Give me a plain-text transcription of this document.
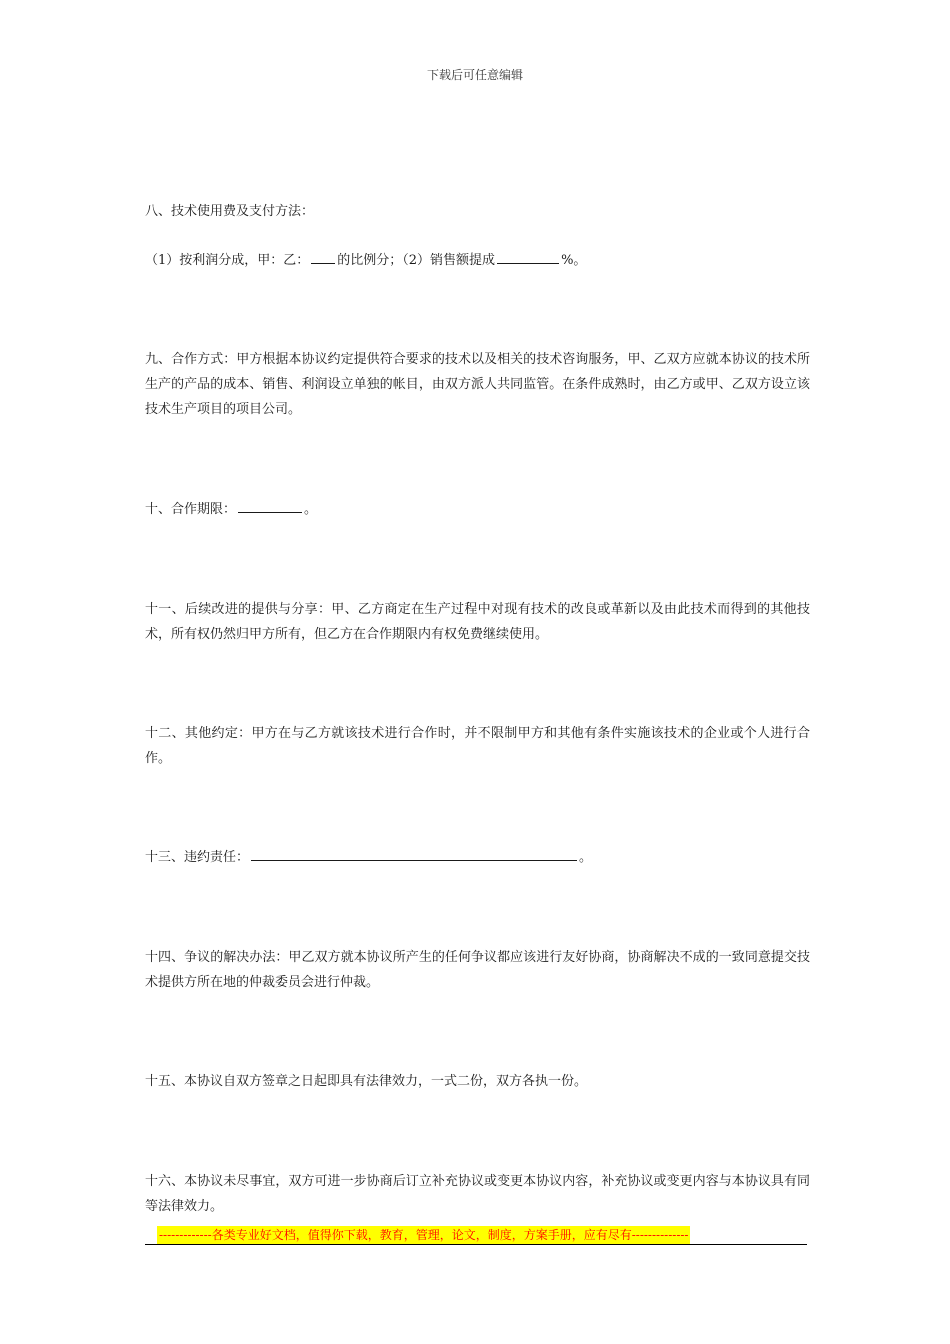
下载后可任意编辑
八、技术使用费及支付方法：
（1）按利润分成，甲：乙： 的比例分；（2）销售额提成	%。
九、合作方式：甲方根据本协议约定提供符合要求的技术以及相关的技术咨询服务，甲、乙双方应就本协议的技术所生产的产品的成本、销售、利润设立单独的帐目，由双方派人共同监管。在条件成熟时，由乙方或甲、乙双方设立该技术生产项目的项目公司。
十、合作期限：	。
十一、后续改进的提供与分享：甲、乙方商定在生产过程中对现有技术的改良或革新以及由此技术而得到的其他技术，所有权仍然归甲方所有，但乙方在合作期限内有权免费继续使用。
十二、其他约定：甲方在与乙方就该技术进行合作时，并不限制甲方和其他有条件实施该技术的企业或个人进行合作。
十三、违约责任：	。
十四、争议的解决办法：甲乙双方就本协议所产生的任何争议都应该进行友好协商，协商解决不成的一致同意提交技术提供方所在地的仲裁委员会进行仲裁。
十五、本协议自双方签章之日起即具有法律效力，一式二份，双方各执一份。
十六、本协议未尽事宜，双方可进一步协商后订立补充协议或变更本协议内容，补充协议或变更内容与本协议具有同等法律效力。
-------------各类专业好文档，值得你下载，教育，管理，论文，制度，方案手册，应有尽有--------------
